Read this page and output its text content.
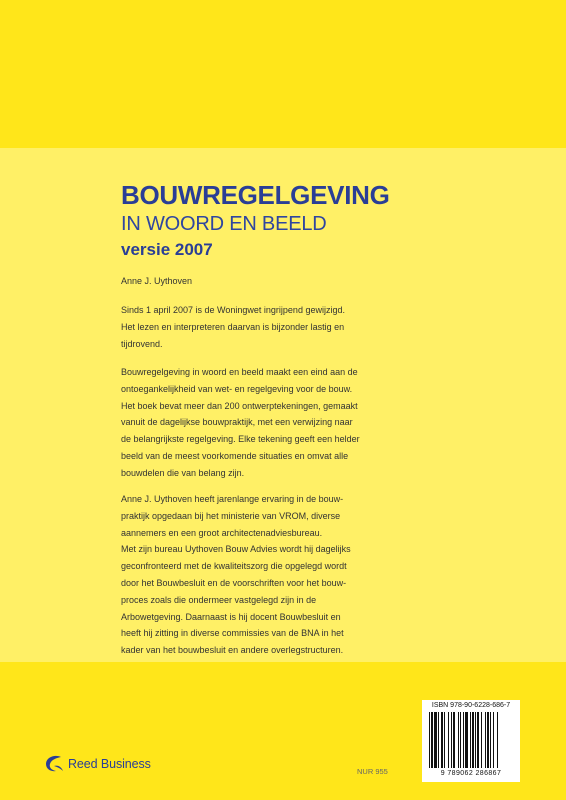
BOUWREGELGEVING
IN WOORD EN BEELD
versie 2007
Anne J. Uythoven
Sinds 1 april 2007 is de Woningwet ingrijpend gewijzigd.
Het lezen en interpreteren daarvan is bijzonder lastig en
tijdrovend.
Bouwregelgeving in woord en beeld maakt een eind aan de
ontoegankelijkheid van wet- en regelgeving voor de bouw.
Het boek bevat meer dan 200 ontwerptekeningen, gemaakt
vanuit de dagelijkse bouwpraktijk, met een verwijzing naar
de belangrijkste regelgeving. Elke tekening geeft een helder
beeld van de meest voorkomende situaties en omvat alle
bouwdelen die van belang zijn.
Anne J. Uythoven heeft jarenlange ervaring in de bouw-
praktijk opgedaan bij het ministerie van VROM, diverse
aannemers en een groot architectenadviesbureau.
Met zijn bureau Uythoven Bouw Advies wordt hij dagelijks
geconfronteerd met de kwaliteitszorg die opgelegd wordt
door het Bouwbesluit en de voorschriften voor het bouw-
proces zoals die ondermeer vastgelegd zijn in de
Arbowetgeving. Daarnaast is hij docent Bouwbesluit en
heeft hij zitting in diverse commissies van de BNA in het
kader van het bouwbesluit en andere overlegstructuren.
Reed Business
NUR 955
ISBN 978-90-6228-686-7
9 789062 286867
